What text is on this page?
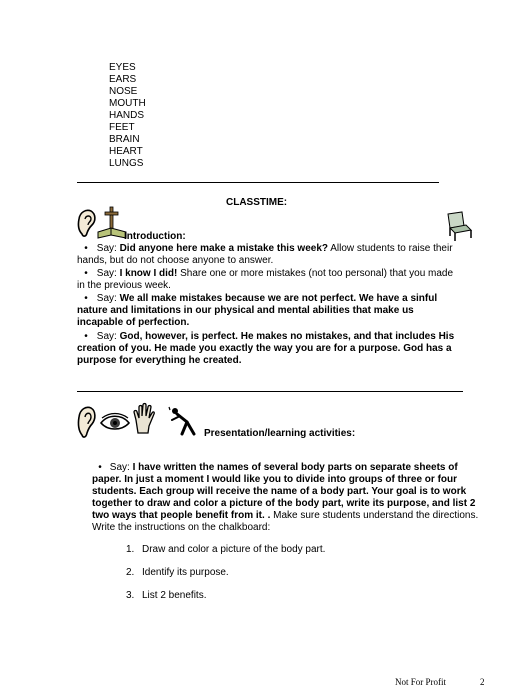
EYES
EARS
NOSE
MOUTH
HANDS
FEET
BRAIN
HEART
LUNGS
CLASSTIME:
Introduction:
• Say: Did anyone here make a mistake this week? Allow students to raise their hands, but do not choose anyone to answer.
• Say: I know I did! Share one or more mistakes (not too personal) that you made in the previous week.
• Say: We all make mistakes because we are not perfect. We have a sinful nature and limitations in our physical and mental abilities that make us incapable of perfection.
• Say: God, however, is perfect. He makes no mistakes, and that includes His creation of you. He made you exactly the way you are for a purpose. God has a purpose for everything he created.
Presentation/learning activities:
• Say: I have written the names of several body parts on separate sheets of paper. In just a moment I would like you to divide into groups of three or four students. Each group will receive the name of a body part. Your goal is to work together to draw and color a picture of the body part, write its purpose, and list 2 two ways that people benefit from it. . Make sure students understand the directions. Write the instructions on the chalkboard:
1. Draw and color a picture of the body part.
2. Identify its purpose.
3. List 2 benefits.
Not For Profit	2
